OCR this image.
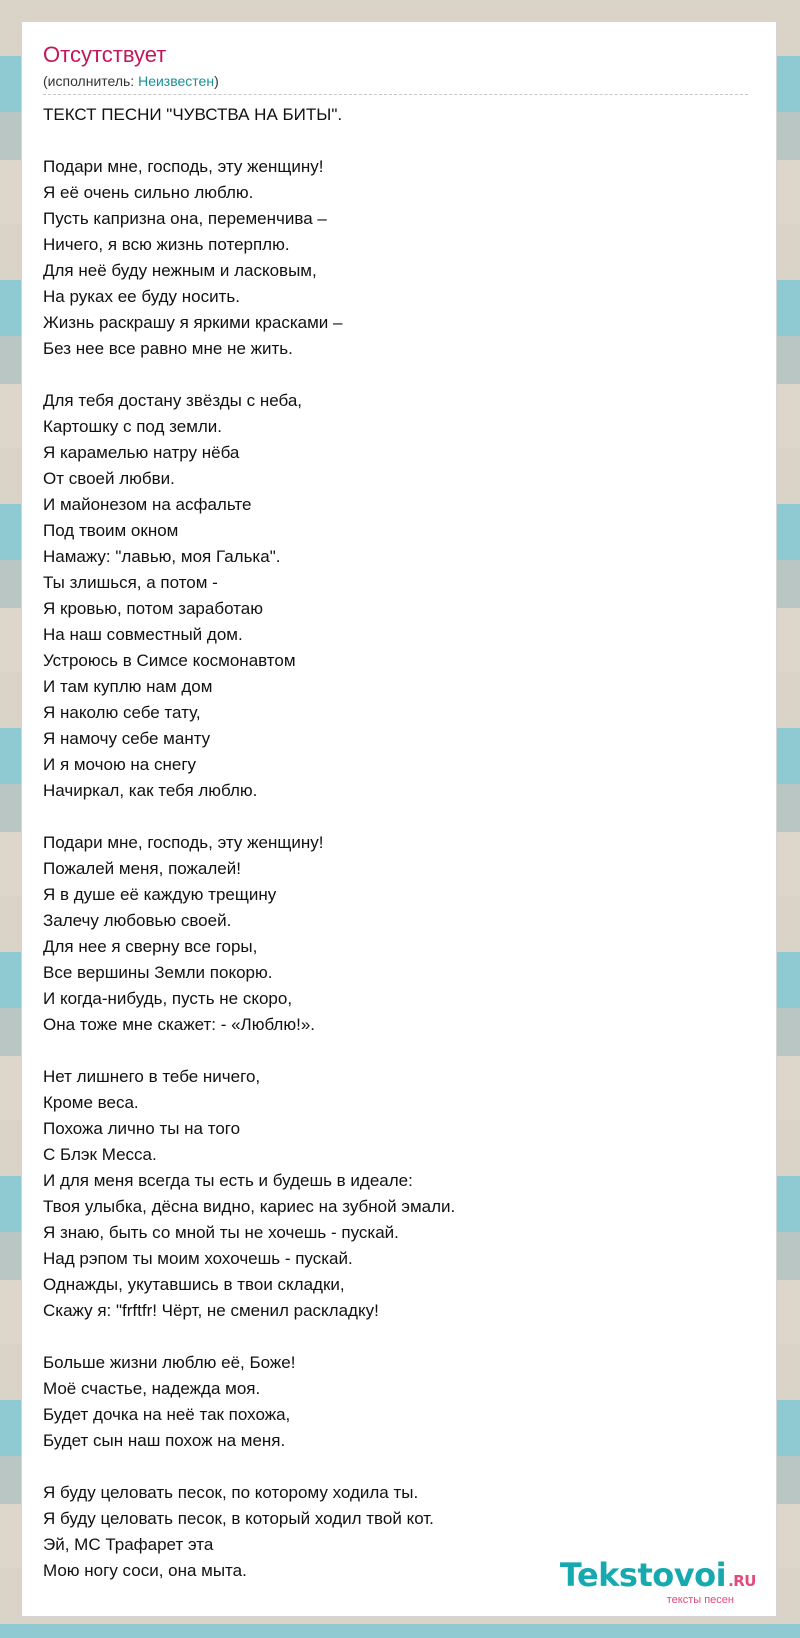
Отсутствует
(исполнитель: Неизвестен)
ТЕКСТ ПЕСНИ "ЧУВСТВА НА БИТЫ".
Подари мне, господь, эту женщину!
Я её очень сильно люблю.
Пусть капризна она, переменчива –
Ничего, я всю жизнь потерплю.
Для неё буду нежным и ласковым,
На руках ее буду носить.
Жизнь раскрашу я яркими красками –
Без нее все равно мне не жить.
Для тебя достану звёзды с неба,
Картошку с под земли.
Я карамелью натру нёба
От своей любви.
И майонезом на асфальте
Под твоим окном
Намажу: "лавью, моя Галька".
Ты злишься, а потом -
Я кровью, потом заработаю
На наш совместный дом.
Устроюсь в Симсе космонавтом
И там куплю нам дом
Я наколю себе тату,
Я намочу себе манту
И я мочою на снегу
Начиркал, как тебя люблю.
Подари мне, господь, эту женщину!
Пожалей меня, пожалей!
Я в душе её каждую трещину
Залечу любовью своей.
Для нее я сверну все горы,
Все вершины Земли покорю.
И когда-нибудь, пусть не скоро,
Она тоже мне скажет: - «Люблю!».
Нет лишнего в тебе ничего,
Кроме веса.
Похожа лично ты на того
С Блэк Месса.
И для меня всегда ты есть и будешь в идеале:
Твоя улыбка, дёсна видно, кариес на зубной эмали.
Я знаю, быть со мной ты не хочешь - пускай.
Над рэпом ты моим хохочешь - пускай.
Однажды, укутавшись в твои складки,
Скажу я: "frftfr! Чёрт, не сменил раскладку!
Больше жизни люблю её, Боже!
Моё счастье, надежда моя.
Будет дочка на неё так похожа,
Будет сын наш похож на меня.
Я буду целовать песок, по которому ходила ты.
Я буду целовать песок, в который ходил твой кот.
Эй, MC Трафарет эта
Мою ногу соси, она мыта.	Tekstovoi .RU
тексты песен
